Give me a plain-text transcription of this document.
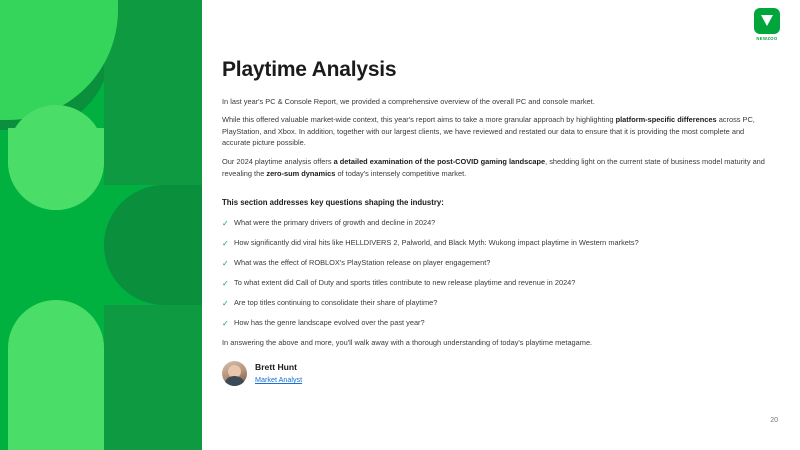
NEWZOO
Playtime Analysis
In last year's PC & Console Report, we provided a comprehensive overview of the overall PC and console market.
While this offered valuable market-wide context, this year's report aims to take a more granular approach by highlighting platform-specific differences across PC, PlayStation, and Xbox. In addition, together with our largest clients, we have reviewed and restated our data to ensure that it is providing the most complete and accurate picture possible.
Our 2024 playtime analysis offers a detailed examination of the post-COVID gaming landscape, shedding light on the current state of business model maturity and revealing the zero-sum dynamics of today's intensely competitive market.
This section addresses key questions shaping the industry:
✓ What were the primary drivers of growth and decline in 2024?
✓ How significantly did viral hits like HELLDIVERS 2, Palworld, and Black Myth: Wukong impact playtime in Western markets?
✓ What was the effect of ROBLOX's PlayStation release on player engagement?
✓ To what extent did Call of Duty and sports titles contribute to new release playtime and revenue in 2024?
✓ Are top titles continuing to consolidate their share of playtime?
✓ How has the genre landscape evolved over the past year?
In answering the above and more, you'll walk away with a thorough understanding of today's playtime metagame.
Brett Hunt
Market Analyst
20
